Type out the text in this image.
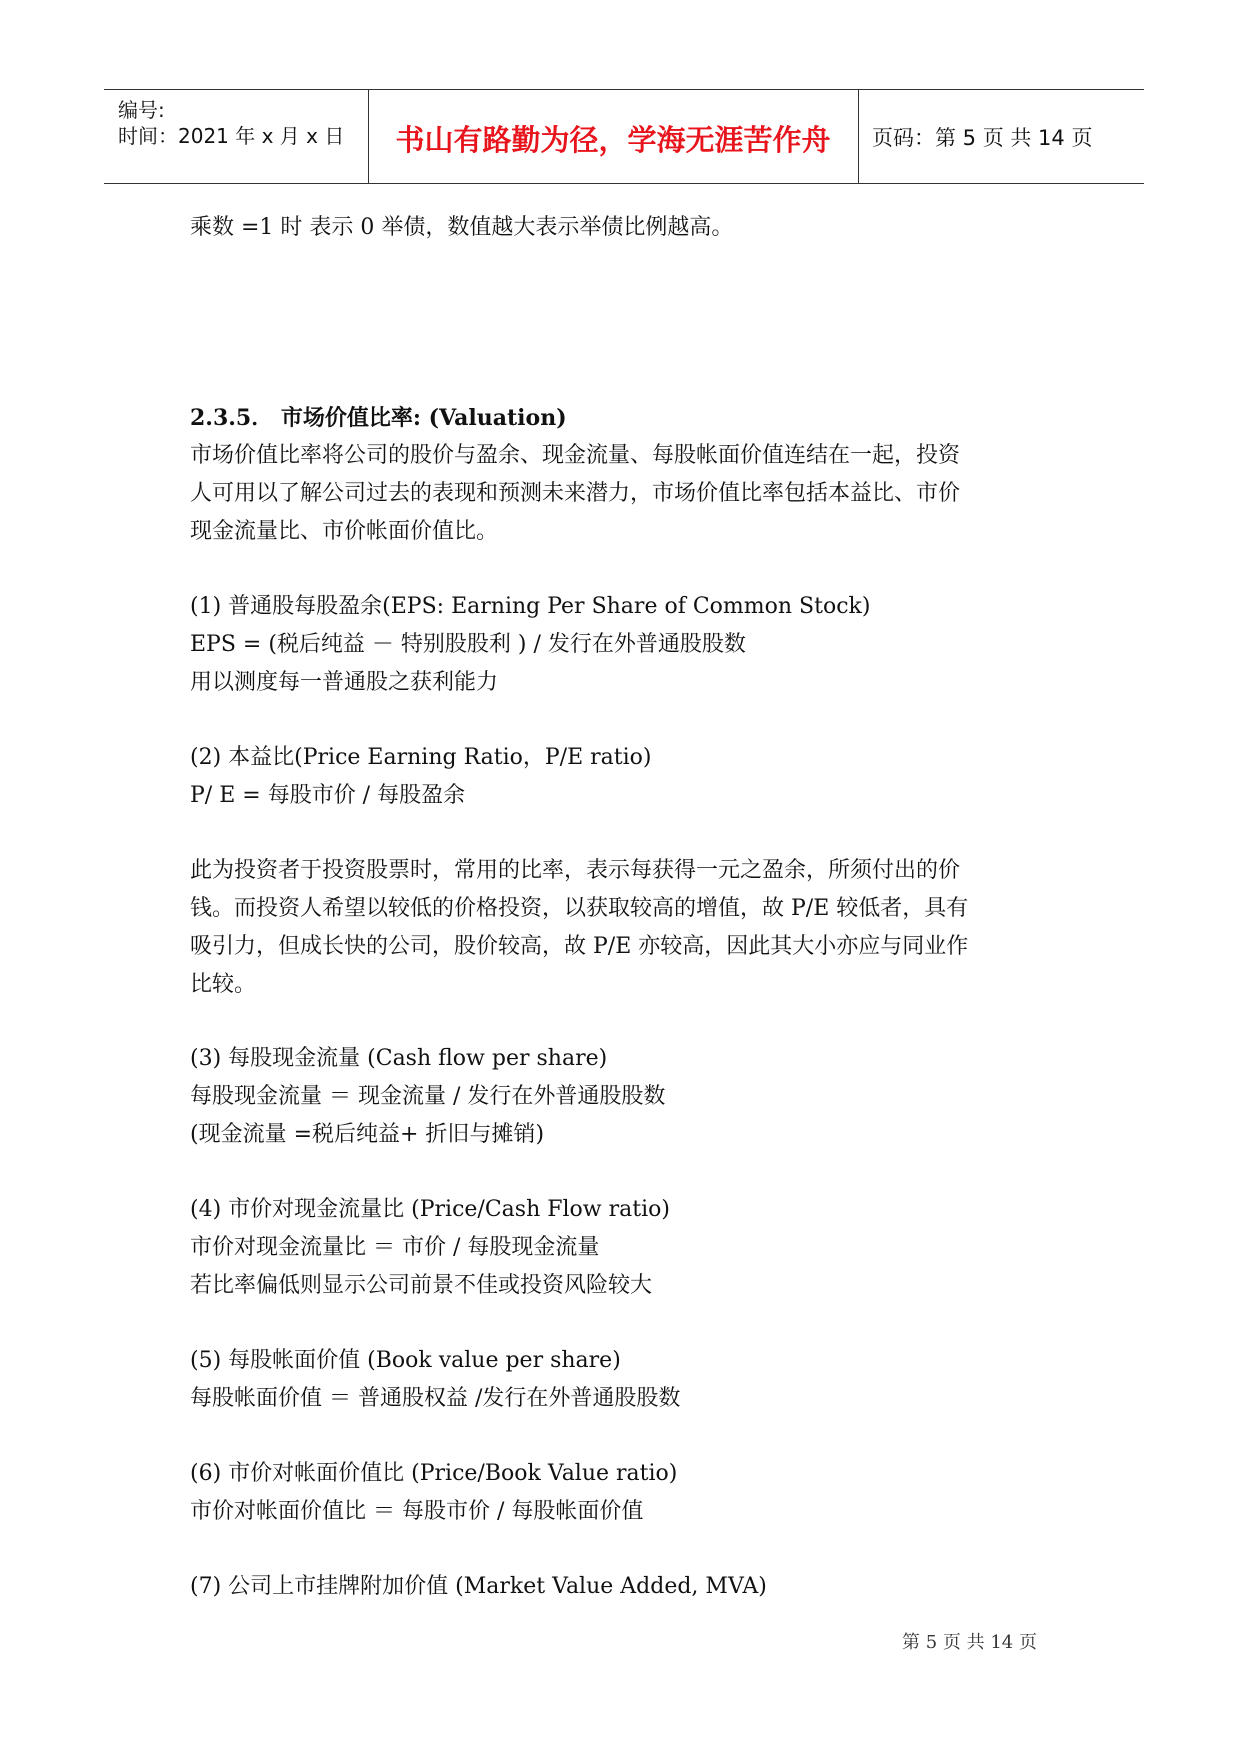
编号:
时间：2021 年 x 月 x 日	书山有路勤为径，学海无涯苦作舟	页码：第 5 页 共 14 页
乘数 =1 时 表示 0 举债，数值越大表示举债比例越高。
2.3.5． 市场价值比率: (Valuation)
市场价值比率将公司的股价与盈余、现金流量、每股帐面价值连结在一起，投资
人可用以了解公司过去的表现和预测未来潜力，市场价值比率包括本益比、市价
现金流量比、市价帐面价值比。
(1) 普通股每股盈余(EPS: Earning Per Share of Common Stock)
EPS = (税后纯益 － 特别股股利 ) / 发行在外普通股股数
用以测度每一普通股之获利能力
(2) 本益比(Price Earning Ratio，P/E ratio)
P/ E = 每股市价 / 每股盈余
此为投资者于投资股票时，常用的比率，表示每获得一元之盈余，所须付出的价
钱。而投资人希望以较低的价格投资，以获取较高的增值，故 P/E 较低者，具有
吸引力，但成长快的公司，股价较高，故 P/E 亦较高，因此其大小亦应与同业作
比较。
(3) 每股现金流量 (Cash flow per share)
每股现金流量 ＝ 现金流量 / 发行在外普通股股数
(现金流量 =税后纯益+ 折旧与摊销)
(4) 市价对现金流量比 (Price/Cash Flow ratio)
市价对现金流量比 ＝ 市价 / 每股现金流量
若比率偏低则显示公司前景不佳或投资风险较大
(5) 每股帐面价值 (Book value per share)
每股帐面价值 ＝ 普通股权益 /发行在外普通股股数
(6) 市价对帐面价值比 (Price/Book Value ratio)
市价对帐面价值比 ＝ 每股市价 / 每股帐面价值
(7) 公司上市挂牌附加价值 (Market Value Added, MVA)
第 5 页 共 14 页
